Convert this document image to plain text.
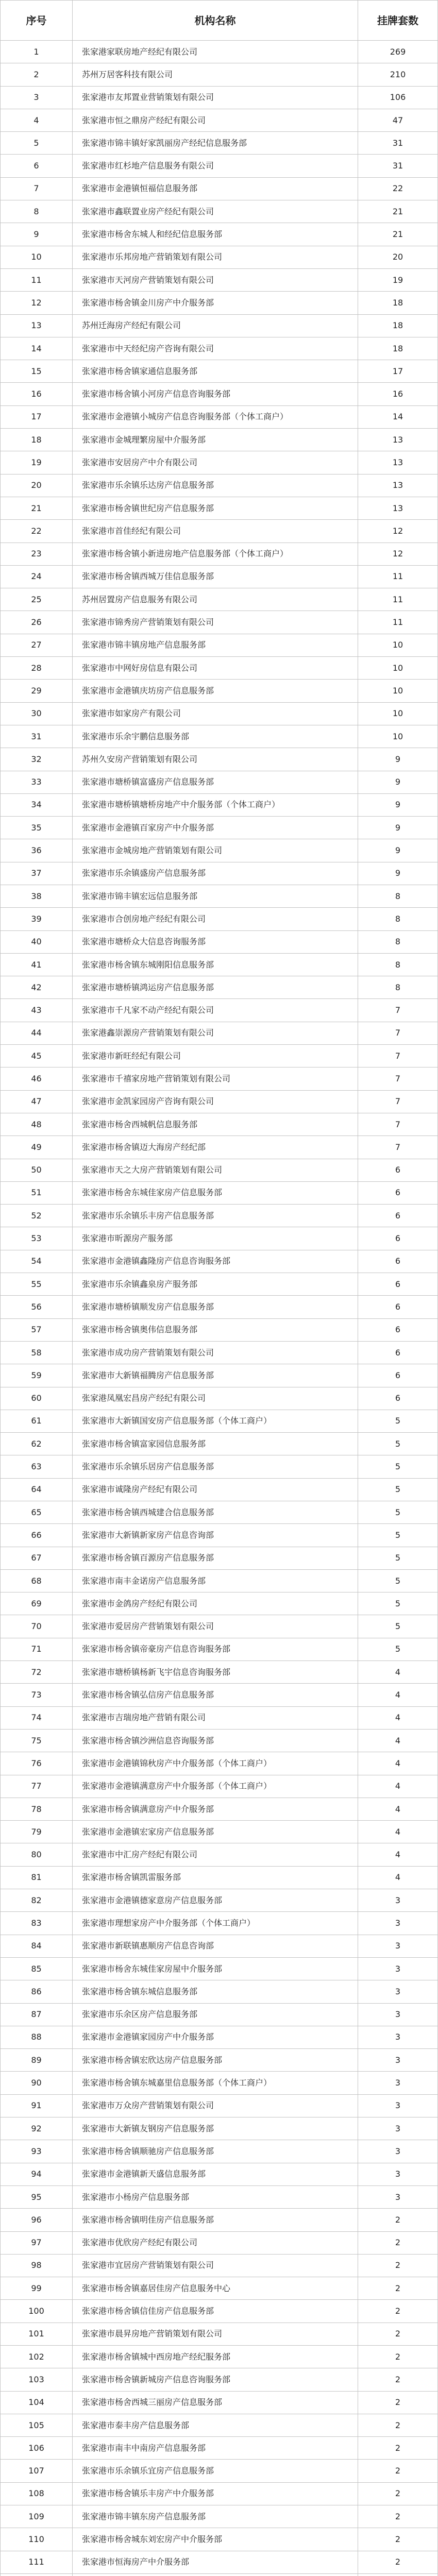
序号	机构名称	挂牌套数
1	张家港家联房地产经纪有限公司	269
2	苏州万居客科技有限公司	210
3	张家港市友邦置业营销策划有限公司	106
4	张家港市恒之鼎房产经纪有限公司	47
5	张家港市锦丰镇好家凯丽房产经纪信息服务部	31
6	张家港市红杉地产信息服务有限公司	31
7	张家港市金港镇恒福信息服务部	22
8	张家港市鑫联置业房产经纪有限公司	21
9	张家港市杨舍东城人和经纪信息服务部	21
10	张家港市乐邦房地产营销策划有限公司	20
11	张家港市天河房产营销策划有限公司	19
12	张家港市杨舍镇金川房产中介服务部	18
13	苏州迁海房产经纪有限公司	18
14	张家港市中天经纪房产咨询有限公司	18
15	张家港市杨舍镇家通信息服务部	17
16	张家港市杨舍镇小河房产信息咨询服务部	16
17	张家港市金港镇小城房产信息咨询服务部（个体工商户）	14
18	张家港市金城理繁房屋中介服务部	13
19	张家港市安居房产中介有限公司	13
20	张家港市乐余镇乐达房产信息服务部	13
21	张家港市杨舍镇世纪房产信息服务部	13
22	张家港市首佳经纪有限公司	12
23	张家港市杨舍镇小新进房地产信息服务部（个体工商户）	12
24	张家港市杨舍镇西城万佳信息服务部	11
25	苏州居置房产信息服务有限公司	11
26	张家港市锦秀房产营销策划有限公司	11
27	张家港市锦丰镇房地产信息服务部	10
28	张家港市中网好房信息有限公司	10
29	张家港市金港镇庆坊房产信息服务部	10
30	张家港市如家房产有限公司	10
31	张家港市乐余宇鹏信息服务部	10
32	苏州久安房产营销策划有限公司	9
33	张家港市塘桥镇富盛房产信息服务部	9
34	张家港市塘桥镇塘桥房地产中介服务部（个体工商户）	9
35	张家港市金港镇百家房产中介服务部	9
36	张家港市金城房地产营销策划有限公司	9
37	张家港市乐余镇盛房产信息服务部	9
38	张家港市锦丰镇宏远信息服务部	8
39	张家港市合创房地产经纪有限公司	8
40	张家港市塘桥众大信息咨询服务部	8
41	张家港市杨舍镇东城刚阳信息服务部	8
42	张家港市塘桥镇鸿运房产信息服务部	8
43	张家港市千凡家不动产经纪有限公司	7
44	张家港鑫崇源房产营销策划有限公司	7
45	张家港市新旺经纪有限公司	7
46	张家港市千禧家房地产营销策划有限公司	7
47	张家港市金凯家园房产咨询有限公司	7
48	张家港市杨舍西城帆信息服务部	7
49	张家港市杨舍镇迈大海房产经纪部	7
50	张家港市天之大房产营销策划有限公司	6
51	张家港市杨舍东城佳家房产信息服务部	6
52	张家港市乐余镇乐丰房产信息服务部	6
53	张家港市昕源房产服务部	6
54	张家港市金港镇鑫隆房产信息咨询服务部	6
55	张家港市乐余镇鑫泉房产服务部	6
56	张家港市塘桥镇顺发房产信息服务部	6
57	张家港市杨舍镇奥伟信息服务部	6
58	张家港市成功房产营销策划有限公司	6
59	张家港市大新镇福腾房产信息服务部	6
60	张家港凤凰宏昌房产经纪有限公司	6
61	张家港市大新镇国安房产信息服务部（个体工商户）	5
62	张家港市杨舍镇富家园信息服务部	5
63	张家港市乐余镇乐居房产信息服务部	5
64	张家港市诚隆房产经纪有限公司	5
65	张家港市杨舍镇西城建合信息服务部	5
66	张家港市大新镇新家房产信息咨询部	5
67	张家港市杨舍镇百源房产信息服务部	5
68	张家港市南丰金诺房产信息服务部	5
69	张家港市金鸽房产经纪有限公司	5
70	张家港市爱居房产营销策划有限公司	5
71	张家港市杨舍镇帝豪房产信息咨询服务部	5
72	张家港市塘桥镇杨新飞宇信息咨询服务部	4
73	张家港市杨舍镇弘信房产信息服务部	4
74	张家港市吉瑞房地产营销有限公司	4
75	张家港市杨舍镇沙洲信息咨询服务部	4
76	张家港市金港镇锦秋房产中介服务部（个体工商户）	4
77	张家港市金港镇满意房产中介服务部（个体工商户）	4
78	张家港市杨舍镇满意房产中介服务部	4
79	张家港市金港镇宏家房产信息服务部	4
80	张家港市中汇房产经纪有限公司	4
81	张家港市杨舍镇凯雷服务部	4
82	张家港市金港镇德家意房产信息服务部	3
83	张家港市理想家房产中介服务部（个体工商户）	3
84	张家港市新联镇惠顺房产信息咨询部	3
85	张家港市杨舍东城佳家房屋中介服务部	3
86	张家港市杨舍镇东城信息服务部	3
87	张家港市乐余区房产信息服务部	3
88	张家港市金港镇家园房产中介服务部	3
89	张家港市杨舍镇宏欣达房产信息服务部	3
90	张家港市杨舍镇东城嘉里信息服务部（个体工商户）	3
91	张家港市万众房产营销策划有限公司	3
92	张家港市大新镇友钢房产信息服务部	3
93	张家港市杨舍镇顺驰房产信息服务部	3
94	张家港市金港镇新天盛信息服务部	3
95	张家港市小杨房产信息服务部	3
96	张家港市杨舍镇明佳房产信息服务部	2
97	张家港市优欣房产经纪有限公司	2
98	张家港市宜居房产营销策划有限公司	2
99	张家港市杨舍镇嘉居佳房产信息服务中心	2
100	张家港市杨舍镇信佳房产信息服务部	2
101	张家港市晨昇房地产营销策划有限公司	2
102	张家港市杨舍镇城中西房地产经纪服务部	2
103	张家港市杨舍镇新城房产信息咨询服务部	2
104	张家港市杨舍西城三丽房产信息服务部	2
105	张家港市泰丰房产信息服务部	2
106	张家港市南丰中南房产信息服务部	2
107	张家港市乐余镇乐宜房产信息服务部	2
108	张家港市杨舍镇乐丰房产中介服务部	2
109	张家港市锦丰镇东房产信息服务部	2
110	张家港市杨舍城东刘宏房产中介服务部	2
111	张家港市恒海房产中介服务部	2
